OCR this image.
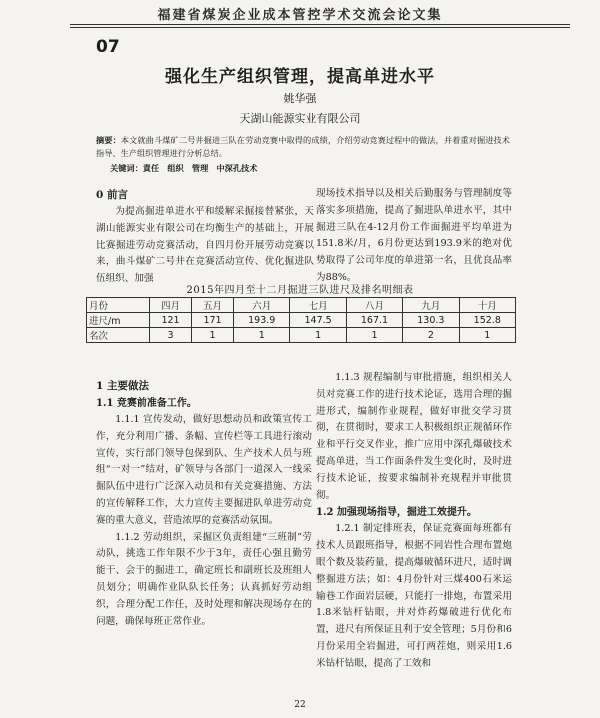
福建省煤炭企业成本管控学术交流会论文集
07
强化生产组织管理，提高单进水平
姚华强
天湖山能源实业有限公司
摘要：本文就曲斗煤矿二号井掘进三队在劳动竞赛中取得的成绩，介绍劳动竞赛过程中的做法，并着重对掘进技术指导、生产组织管理进行分析总结。
关键词：責任　组织　管理　中深孔技术

0 前言

为提高掘进单进水平和缓解采掘接替紧张，天湖山能源实业有限公司在均衡生产的基础上，开展比赛掘进劳动竞赛活动，自四月份开展劳动竞赛以来，曲斗煤矿二号井在竞赛活动宣传、优化掘进队伍组织、加强

现场技术指导以及相关后勤服务与管理制度等落实多项措施，提高了掘进队单进水平，其中掘进三队在4-12月份工作面掘进平均单进为151.8米/月，6月份更达到193.9米的绝对优势取得了公司年度的单进第一名，且优良品率为88%。

2015年四月至十二月掘进三队进尺及排名明细表
月份	四月	五月	六月	七月	八月	九月	十月
进尺/m	121	171	193.9	147.5	167.1	130.3	152.8
名次	3	1	1	1	1	2	1

1 主要做法

1.1 竞赛前准备工作。

1.1.1 宣传发动，做好思想动员和政策宣传工作，充分利用广播、条幅、宣传栏等工具进行滚动宣传，实行部门领导包保到队、生产技术人员与班组“一对一”结对，矿领导与各部门一道深入一线采掘队伍中进行广泛深入动员和有关竞赛措施、方法的宣传解释工作，大力宣传主要掘进队单进劳动竞赛的重大意义，营造浓厚的竞赛活动氛围。

1.1.2 劳动组织，采掘区负责组建“三班制”劳动队，挑选工作年限不少于3年，责任心强且勤劳能干、会干的掘进工，确定班长和副班长及班组人员划分；明确作业队队长任务；认真抓好劳动组织，合理分配工作任，及时处理和解决现场存在的问题，确保每班正常作业。

1.1.3 规程编制与审批措施，组织相关人员对竞赛工作的进行技术论证，选用合理的掘进形式，编制作业规程，做好审批交学习贯彻，在贯彻时，要求工人积极组织正规循环作业和平行交叉作业，推广应用中深孔爆破技术提高单进，当工作面条件发生变化时，及时进行技术论证，按要求编制补充规程并审批贯彻。

1.2 加强现场指导，掘进工效提升。

1.2.1 制定排班表，保证竞赛面每班都有技术人员跟班指导，根据不同岩性合理布置炮眼个数及装药量，提高爆破循环进尺，适时调整掘进方法；如：4月份针对三煤400石米运输巷工作面岩层硬，只能打一排炮，布置采用1.8米钻杆钻眼，并对炸药爆破进行优化布置，进尺有所保证且利于安全管理；5月份和6月份采用全岩掘进，可打两茬炮，则采用1.6米钻杆钻眼，提高了工效和

22
